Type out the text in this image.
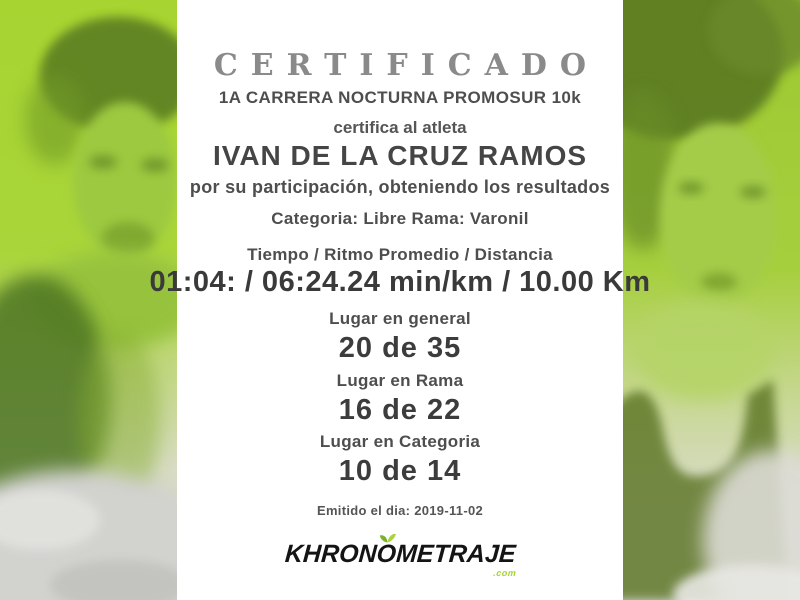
CERTIFICADO
1A CARRERA NOCTURNA PROMOSUR 10k
certifica al atleta
IVAN DE LA CRUZ RAMOS
por su participación, obteniendo los resultados
Categoria: Libre Rama: Varonil
Tiempo / Ritmo Promedio / Distancia
01:04: / 06:24.24 min/km / 10.00 Km
Lugar en general
20 de 35
Lugar en Rama
16 de 22
Lugar en Categoria
10 de 14
Emitido el dia: 2019-11-02
KHRONO
METRAJE
.com
